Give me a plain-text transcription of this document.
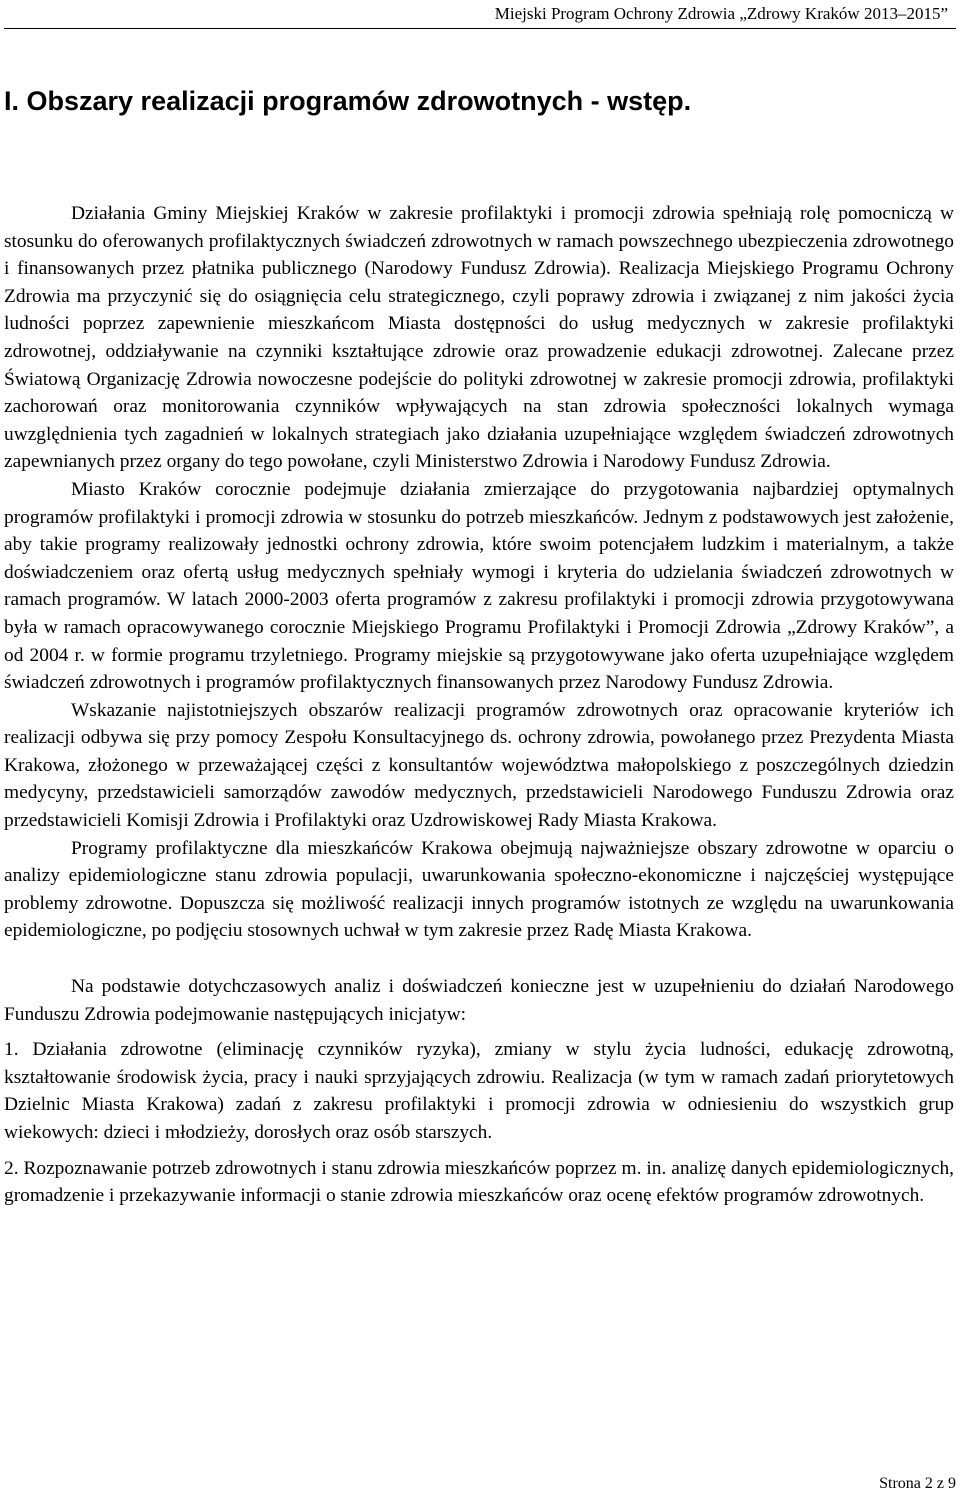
Miejski Program Ochrony Zdrowia „Zdrowy Kraków 2013–2015”
I. Obszary realizacji programów zdrowotnych - wstęp.

Działania Gminy Miejskiej Kraków w zakresie profilaktyki i promocji zdrowia spełniają rolę pomocniczą w stosunku do oferowanych profilaktycznych świadczeń zdrowotnych w ramach powszechnego ubezpieczenia zdrowotnego i finansowanych przez płatnika publicznego (Narodowy Fundusz Zdrowia). Realizacja Miejskiego Programu Ochrony Zdrowia ma przyczynić się do osiągnięcia celu strategicznego, czyli poprawy zdrowia i związanej z nim jakości życia ludności poprzez zapewnienie mieszkańcom Miasta dostępności do usług medycznych w zakresie profilaktyki zdrowotnej, oddziaływanie na czynniki kształtujące zdrowie oraz prowadzenie edukacji zdrowotnej. Zalecane przez Światową Organizację Zdrowia nowoczesne podejście do polityki zdrowotnej w zakresie promocji zdrowia, profilaktyki zachorowań oraz monitorowania czynników wpływających na stan zdrowia społeczności lokalnych wymaga uwzględnienia tych zagadnień w lokalnych strategiach jako działania uzupełniające względem świadczeń zdrowotnych zapewnianych przez organy do tego powołane, czyli Ministerstwo Zdrowia i Narodowy Fundusz Zdrowia.

Miasto Kraków corocznie podejmuje działania zmierzające do przygotowania najbardziej optymalnych programów profilaktyki i promocji zdrowia w stosunku do potrzeb mieszkańców. Jednym z podstawowych jest założenie, aby takie programy realizowały jednostki ochrony zdrowia, które swoim potencjałem ludzkim i materialnym, a także doświadczeniem oraz ofertą usług medycznych spełniały wymogi i kryteria do udzielania świadczeń zdrowotnych w ramach programów. W latach 2000-2003 oferta programów z zakresu profilaktyki i promocji zdrowia przygotowywana była w ramach opracowywanego corocznie Miejskiego Programu Profilaktyki i Promocji Zdrowia „Zdrowy Kraków”, a od 2004 r. w formie programu trzyletniego. Programy miejskie są przygotowywane jako oferta uzupełniające względem świadczeń zdrowotnych i programów profilaktycznych finansowanych przez Narodowy Fundusz Zdrowia.

Wskazanie najistotniejszych obszarów realizacji programów zdrowotnych oraz opracowanie kryteriów ich realizacji odbywa się przy pomocy Zespołu Konsultacyjnego ds. ochrony zdrowia, powołanego przez Prezydenta Miasta Krakowa, złożonego w przeważającej części z konsultantów województwa małopolskiego z poszczególnych dziedzin medycyny, przedstawicieli samorządów zawodów medycznych, przedstawicieli Narodowego Funduszu Zdrowia oraz przedstawicieli Komisji Zdrowia i Profilaktyki oraz Uzdrowiskowej Rady Miasta Krakowa.

Programy profilaktyczne dla mieszkańców Krakowa obejmują najważniejsze obszary zdrowotne w oparciu o analizy epidemiologiczne stanu zdrowia populacji, uwarunkowania społeczno-ekonomiczne i najczęściej występujące problemy zdrowotne. Dopuszcza się możliwość realizacji innych programów istotnych ze względu na uwarunkowania epidemiologiczne, po podjęciu stosownych uchwał w tym zakresie przez Radę Miasta Krakowa.

Na podstawie dotychczasowych analiz i doświadczeń konieczne jest w uzupełnieniu do działań Narodowego Funduszu Zdrowia podejmowanie następujących inicjatyw:

1. Działania zdrowotne (eliminację czynników ryzyka), zmiany w stylu życia ludności, edukację zdrowotną, kształtowanie środowisk życia, pracy i nauki sprzyjających zdrowiu. Realizacja (w tym w ramach zadań priorytetowych Dzielnic Miasta Krakowa) zadań z zakresu profilaktyki i promocji zdrowia w odniesieniu do wszystkich grup wiekowych: dzieci i młodzieży, dorosłych oraz osób starszych.

2. Rozpoznawanie potrzeb zdrowotnych i stanu zdrowia mieszkańców poprzez m. in. analizę danych epidemiologicznych, gromadzenie i przekazywanie informacji o stanie zdrowia mieszkańców oraz ocenę efektów programów zdrowotnych.

Strona 2 z 9
